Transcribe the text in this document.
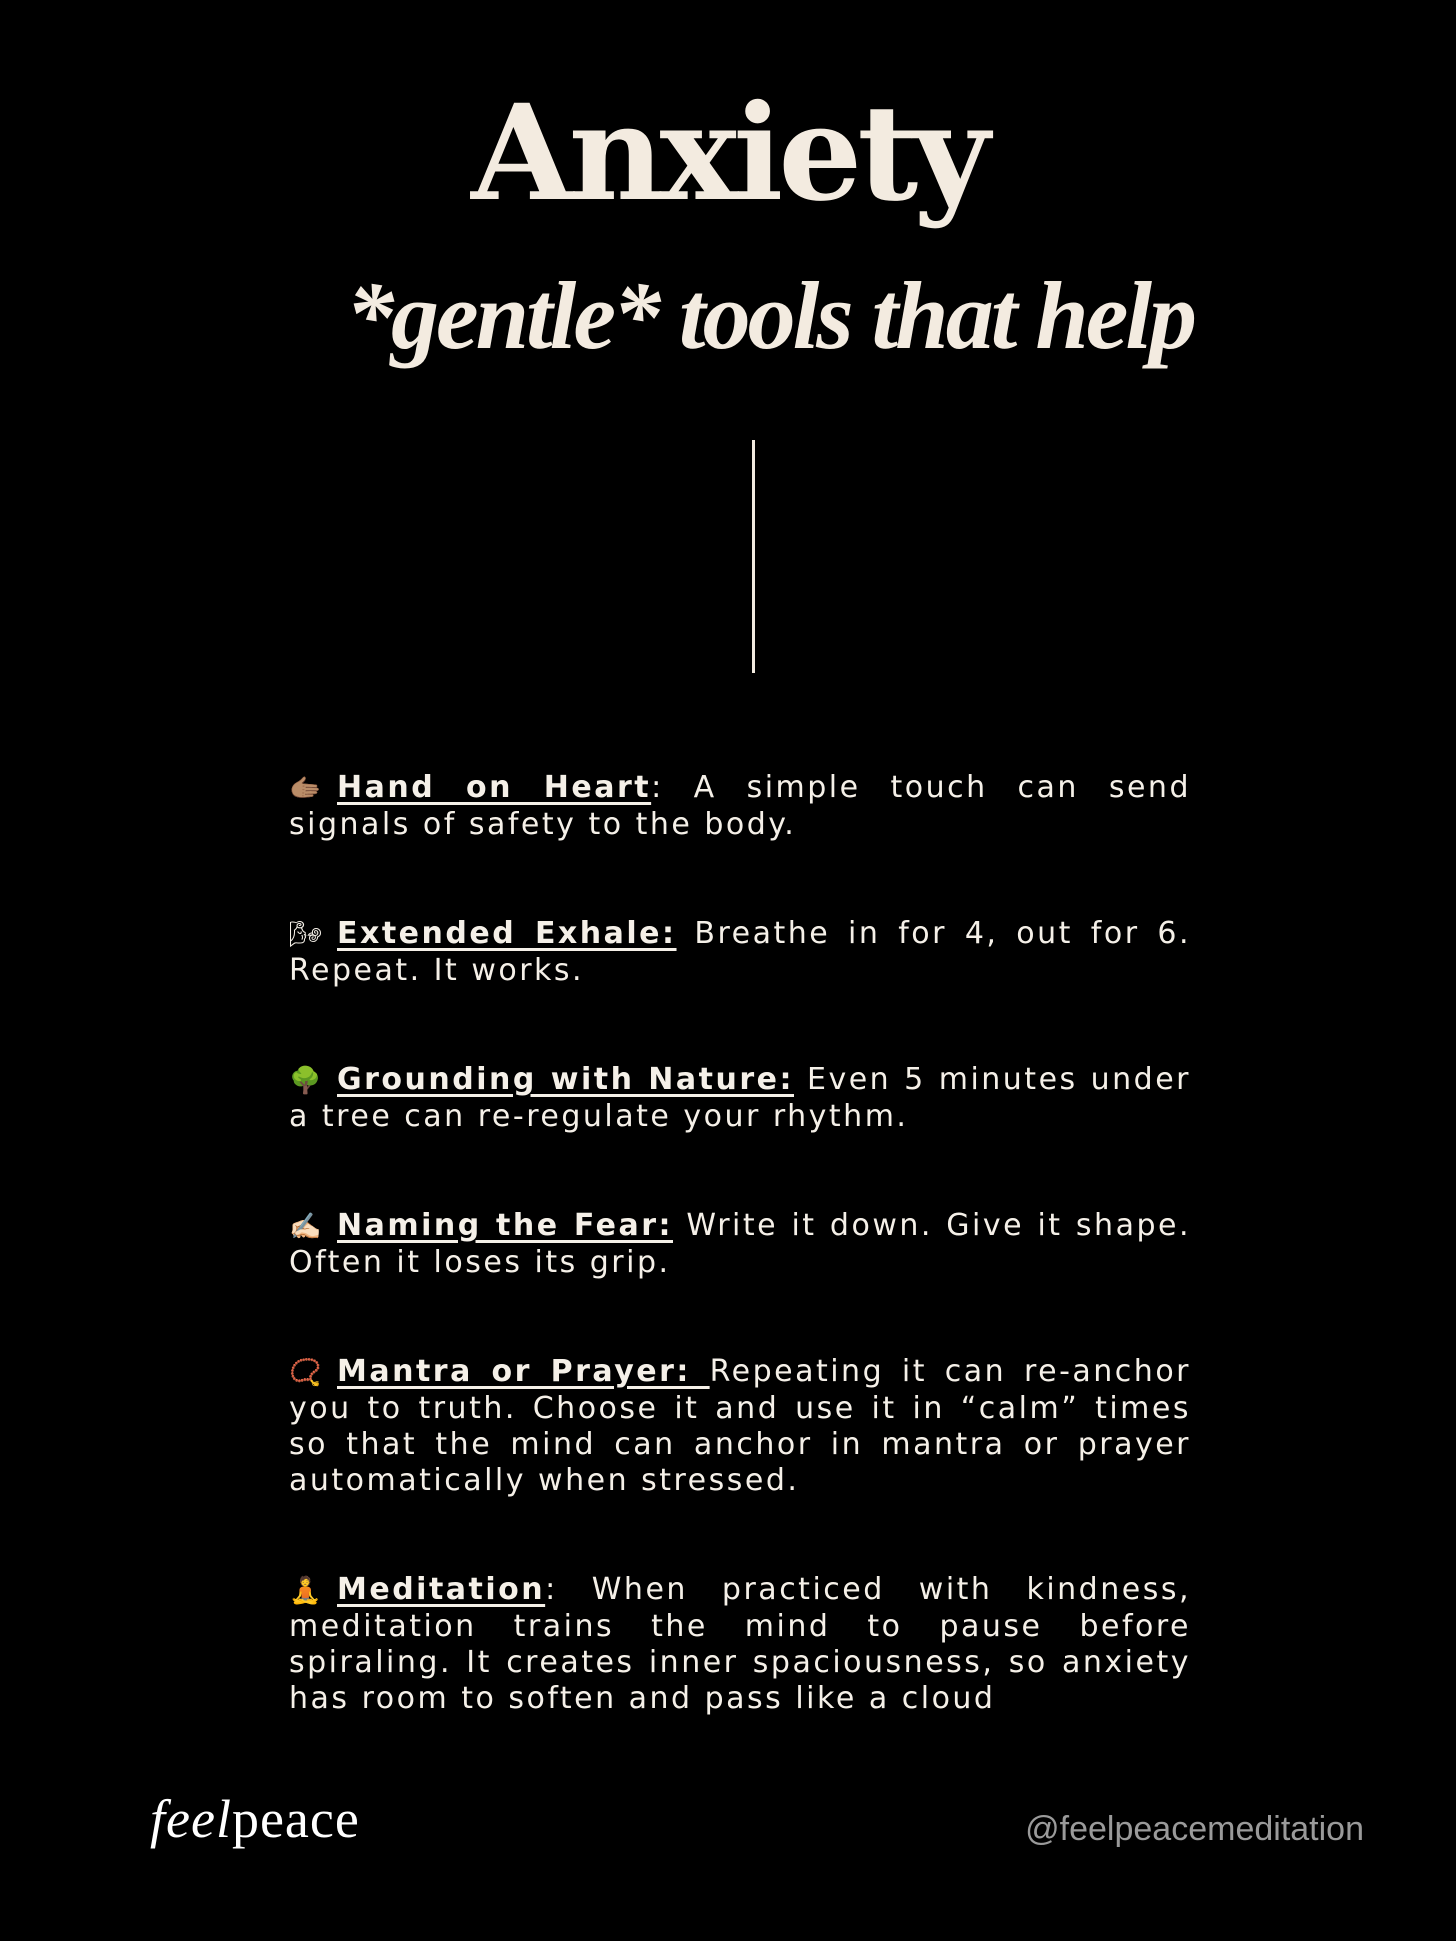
Anxiety
*gentle* tools that help

🫱🏽 Hand on Heart: A simple touch can send signals of safety to the body.

🌬 Extended Exhale: Breathe in for 4, out for 6. Repeat. It works.

🌳 Grounding with Nature: Even 5 minutes under a tree can re-regulate your rhythm.

✍🏻 Naming the Fear: Write it down. Give it shape. Often it loses its grip.

📿 Mantra or Prayer: Repeating it can re-anchor you to truth. Choose it and use it in “calm” times so that the mind can anchor in mantra or prayer automatically when stressed.

🧘 Meditation: When practiced with kindness, meditation trains the mind to pause before spiraling. It creates inner spaciousness, so anxiety has room to soften and pass like a cloud

feelpeace	@feelpeacemeditation
